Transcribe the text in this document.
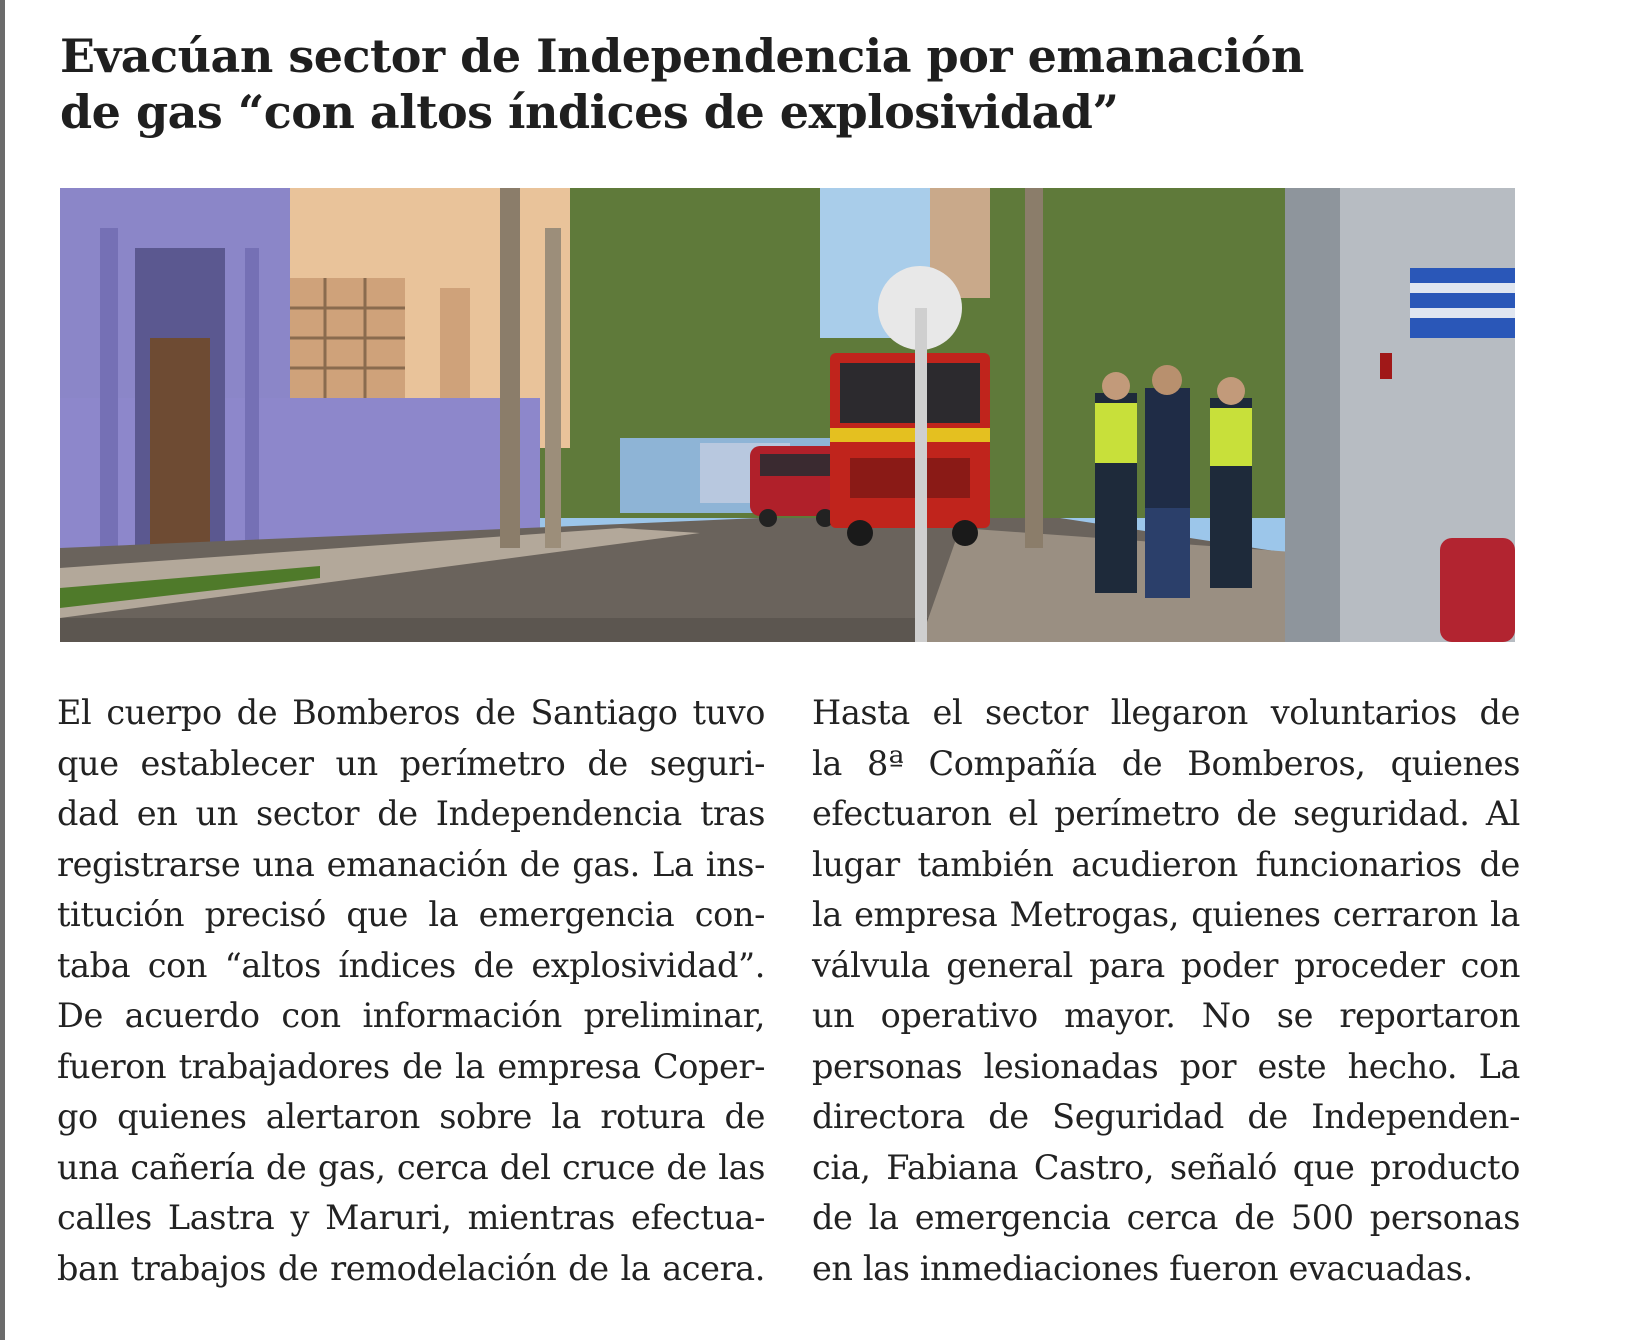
Evacúan sector de Independencia por emanación
de gas “con altos índices de explosividad”
El cuerpo de Bomberos de Santiago tuvo
que establecer un perímetro de seguri-
dad en un sector de Independencia tras
registrarse una emanación de gas. La ins-
titución precisó que la emergencia con-
taba con “altos índices de explosividad”.
De acuerdo con información preliminar,
fueron trabajadores de la empresa Coper-
go quienes alertaron sobre la rotura de
una cañería de gas, cerca del cruce de las
calles Lastra y Maruri, mientras efectua-
ban trabajos de remodelación de la acera.
Hasta el sector llegaron voluntarios de
la 8ª Compañía de Bomberos, quienes
efectuaron el perímetro de seguridad. Al
lugar también acudieron funcionarios de
la empresa Metrogas, quienes cerraron la
válvula general para poder proceder con
un operativo mayor. No se reportaron
personas lesionadas por este hecho. La
directora de Seguridad de Independen-
cia, Fabiana Castro, señaló que producto
de la emergencia cerca de 500 personas
en las inmediaciones fueron evacuadas.
